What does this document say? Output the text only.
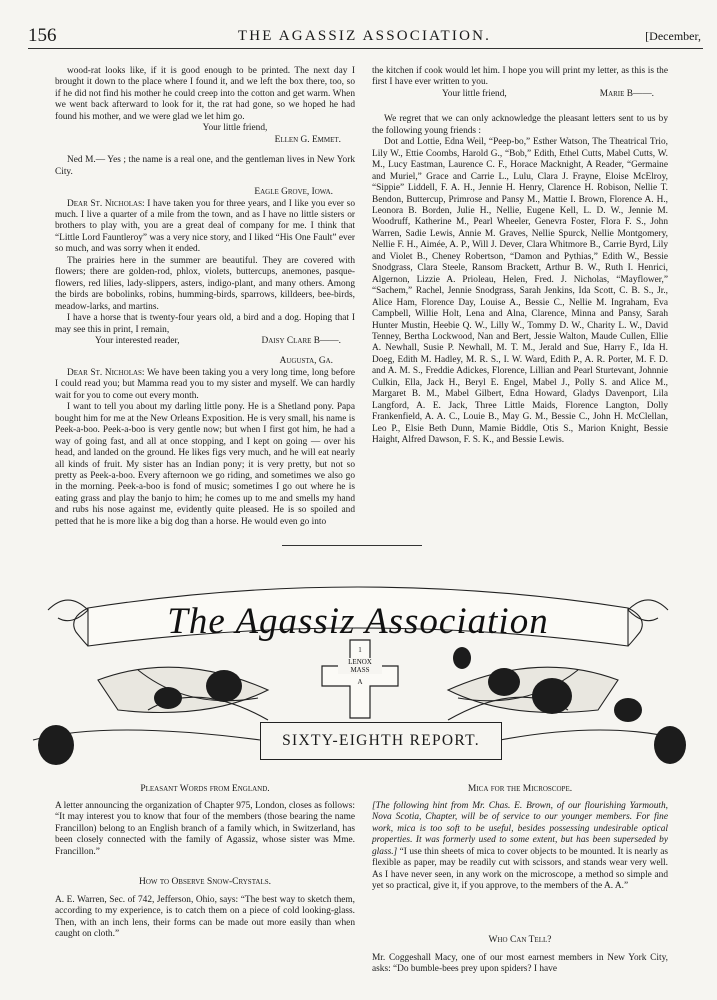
156	THE AGASSIZ ASSOCIATION.	[December,

wood-rat looks like, if it is good enough to be printed. The next day I brought it down to the place where I found it, and we left the box there, too, so if he did not find his mother he could creep into the cotton and get warm. When we went back afterward to look for it, the rat had gone, so we hoped he had found his mother, and we were glad we let him go.

Your little friend,

Ellen G. Emmet.

Ned M.— Yes ; the name is a real one, and the gentleman lives in New York City.

Eagle Grove, Iowa.

Dear St. Nicholas: I have taken you for three years, and I like you ever so much. I live a quarter of a mile from the town, and as I have no little sisters or brothers to play with, you are a great deal of company for me. I think that “Little Lord Fauntleroy” was a very nice story, and I liked “His One Fault” ever so much, and was sorry when it ended.

The prairies here in the summer are beautiful. They are covered with flowers; there are golden-rod, phlox, violets, buttercups, anemones, pasque-flowers, red lilies, lady-slippers, asters, indigo-plant, and many others. Among the birds are bobolinks, robins, humming-birds, sparrows, killdeers, bee-birds, meadow-larks, and martins.

I have a horse that is twenty-four years old, a bird and a dog. Hoping that I may see this in print, I remain,

Your interested reader,	Daisy Clare B——.

Augusta, Ga.

Dear St. Nicholas: We have been taking you a very long time, long before I could read you; but Mamma read you to my sister and myself. We can hardly wait for you to come out every month.

I want to tell you about my darling little pony. He is a Shetland pony. Papa bought him for me at the New Orleans Exposition. He is very small, his name is Peek-a-boo. Peek-a-boo is very gentle now; but when I first got him, he had a way of going fast, and all at once stopping, and I kept on going — over his head, and landed on the ground. He likes figs very much, and he will eat nearly all kinds of fruit. My sister has an Indian pony; it is very pretty, but not so pretty as Peek-a-boo. Every afternoon we go riding, and sometimes we also go in the morning. Peek-a-boo is fond of music; sometimes I go out where he is eating grass and play the banjo to him; he comes up to me and smells my hand and rubs his nose against me, evidently quite pleased. He is so spoiled and petted that he is more like a big dog than a horse. He would even go into

the kitchen if cook would let him. I hope you will print my letter, as this is the first I have ever written to you.

Your little friend,	Marie B——.

We regret that we can only acknowledge the pleasant letters sent to us by the following young friends :

Dot and Lottie, Edna Weil, “Peep-bo,” Esther Watson, The Theatrical Trio, Lily W., Ettie Coombs, Harold G., “Bob,” Edith, Ethel Cutts, Mabel Cutts, W. M., Lucy Eastman, Laurence C. F., Horace Macknight, A Reader, “Germaine and Muriel,” Grace and Carrie L., Lulu, Clara J. Frayne, Eloise McElroy, “Sippie” Liddell, F. A. H., Jennie H. Henry, Clarence H. Robison, Nellie T. Bendon, Buttercup, Primrose and Pansy M., Mattie I. Brown, Florence A. H., Leonora B. Borden, Julie H., Nellie, Eugene Kell, L. D. W., Jennie M. Woodruff, Katherine M., Pearl Wheeler, Genevra Foster, Flora F. S., John Warren, Sadie Lewis, Annie M. Graves, Nellie Spurck, Nellie Montgomery, Nellie F. H., Aimée, A. P., Will J. Dever, Clara Whitmore B., Carrie Byrd, Lily and Violet B., Cheney Robertson, “Damon and Pythias,” Edith W., Bessie Snodgrass, Clara Steele, Ransom Brackett, Arthur B. W., Ruth I. Henrici, Algernon, Lizzie A. Prioleau, Helen, Fred. J. Nicholas, “Mayflower,” “Sachem,” Rachel, Jennie Snodgrass, Sarah Jenkins, Ida Scott, C. B. S., Jr., Alice Ham, Florence Day, Louise A., Bessie C., Nellie M. Ingraham, Eva Campbell, Willie Holt, Lena and Alna, Clarence, Minna and Pansy, Sarah Hunter Mustin, Heebie Q. W., Lilly W., Tommy D. W., Charity L. W., David Tenney, Bertha Lockwood, Nan and Bert, Jessie Walton, Maude Cullen, Ellie A. Newhall, Susie P. Newhall, M. T. M., Jerald and Sue, Harry F., Ida H. Doeg, Edith M. Hadley, M. R. S., I. W. Ward, Edith P., A. R. Porter, M. F. D. and A. M. S., Freddie Adickes, Florence, Lillian and Pearl Sturtevant, Johnnie Culkin, Ella, Jack H., Beryl E. Engel, Mabel J., Polly S. and Alice M., Margaret B. M., Mabel Gilbert, Edna Howard, Gladys Davenport, Lila Langford, A. E. Jack, Three Little Maids, Florence Langton, Dolly Frankenfield, A. A. C., Louie B., May G. M., Bessie C., John H. McClellan, Leo P., Elsie Beth Dunn, Mamie Biddle, Otis S., Marion Knight, Bessie Haight, Alfred Dawson, F. S. K., and Bessie Lewis.

The Agassiz Association
1
LENOX MASS
A
SIXTY-EIGHTH REPORT.
Pleasant Words from England.

A letter announcing the organization of Chapter 975, London, closes as follows: “It may interest you to know that four of the members (those bearing the name Francillon) belong to an English branch of a family which, in Switzerland, has been closely connected with the family of Agassiz, whose sister was Mme. Francillon.”

How to Observe Snow-Crystals.

A. E. Warren, Sec. of 742, Jefferson, Ohio, says: “The best way to sketch them, according to my experience, is to catch them on a piece of cold looking-glass. Then, with an inch lens, their forms can be made out more easily than when caught on cloth.”

Mica for the Microscope.

[The following hint from Mr. Chas. E. Brown, of our flourishing Yarmouth, Nova Scotia, Chapter, will be of service to our younger members. For fine work, mica is too soft to be useful, besides possessing undesirable optical properties. It was formerly used to some extent, but has been superseded by glass.] “I use thin sheets of mica to cover objects to be mounted. It is nearly as flexible as paper, may be readily cut with scissors, and stands wear very well. As I have never seen, in any work on the microscope, a method so simple and yet so practical, give it, if you approve, to the members of the A. A.”

Who Can Tell?

Mr. Coggeshall Macy, one of our most earnest members in New York City, asks: “Do bumble-bees prey upon spiders? I have
